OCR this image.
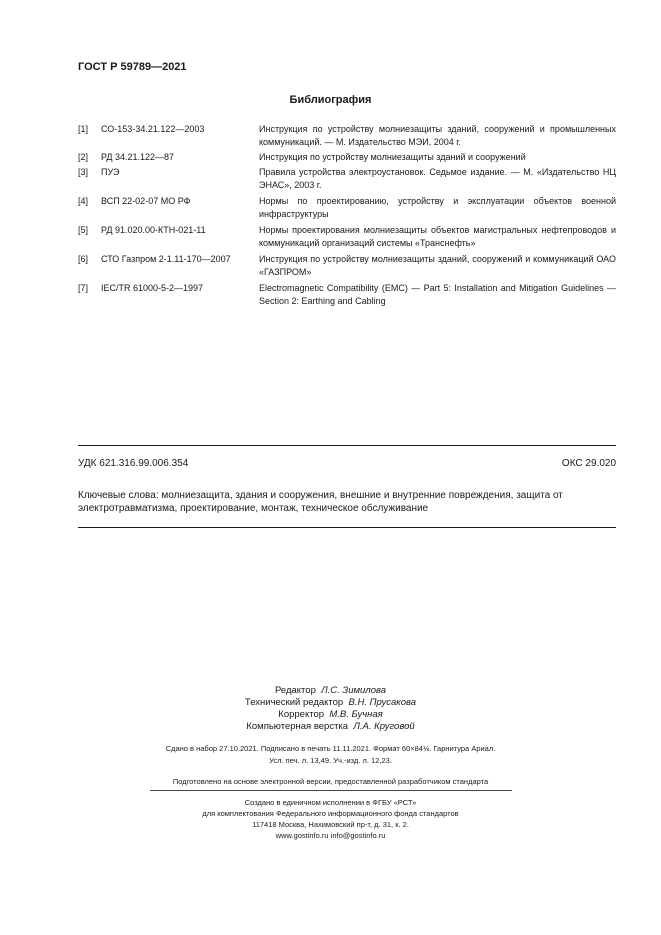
ГОСТ Р 59789—2021
Библиография
[1] СО-153-34.21.122—2003	Инструкция по устройству молниезащиты зданий, сооружений и промышленных коммуникаций. — М. Издательство МЭИ, 2004 г.
[2] РД 34.21.122—87	Инструкция по устройству молниезащиты зданий и сооружений
[3] ПУЭ	Правила устройства электроустановок. Седьмое издание. — М. «Издательство НЦ ЭНАС», 2003 г.
[4] ВСП 22-02-07 МО РФ	Нормы по проектированию, устройству и эксплуатации объектов военной инфраструктуры
[5] РД 91.020.00-КТН-021-11	Нормы проектирования молниезащиты объектов магистральных нефтепроводов и коммуникаций организаций системы «Транснефть»
[6] СТО Газпром 2-1.11-170—2007	Инструкция по устройству молниезащиты зданий, сооружений и коммуникаций ОАО «ГАЗПРОМ»
[7] IEC/TR 61000-5-2—1997	Electromagnetic Compatibility (EMC) — Part 5: Installation and Mitigation Guidelines — Section 2: Earthing and Cabling
УДК 621.316.99.006.354	ОКС 29.020
Ключевые слова: молниезащита, здания и сооружения, внешние и внутренние повреждения, защита от электротравматизма, проектирование, монтаж, техническое обслуживание
Редактор Л.С. Зимилова
Технический редактор В.Н. Прусакова
Корректор М.В. Бучная
Компьютерная верстка Л.А. Круговой
Сдано в набор 27.10.2021. Подписано в печать 11.11.2021. Формат 60×84⅛. Гарнитура Ариал.
Усл. печ. л. 13,49. Уч.-изд. л. 12,23.
Подготовлено на основе электронной версии, предоставленной разработчиком стандарта
Создано в единичном исполнении в ФГБУ «РСТ»
для комплектования Федерального информационного фонда стандартов
117418 Москва, Нахимовский пр-т, д. 31, к. 2.
www.gostinfo.ru info@gostinfo.ru
